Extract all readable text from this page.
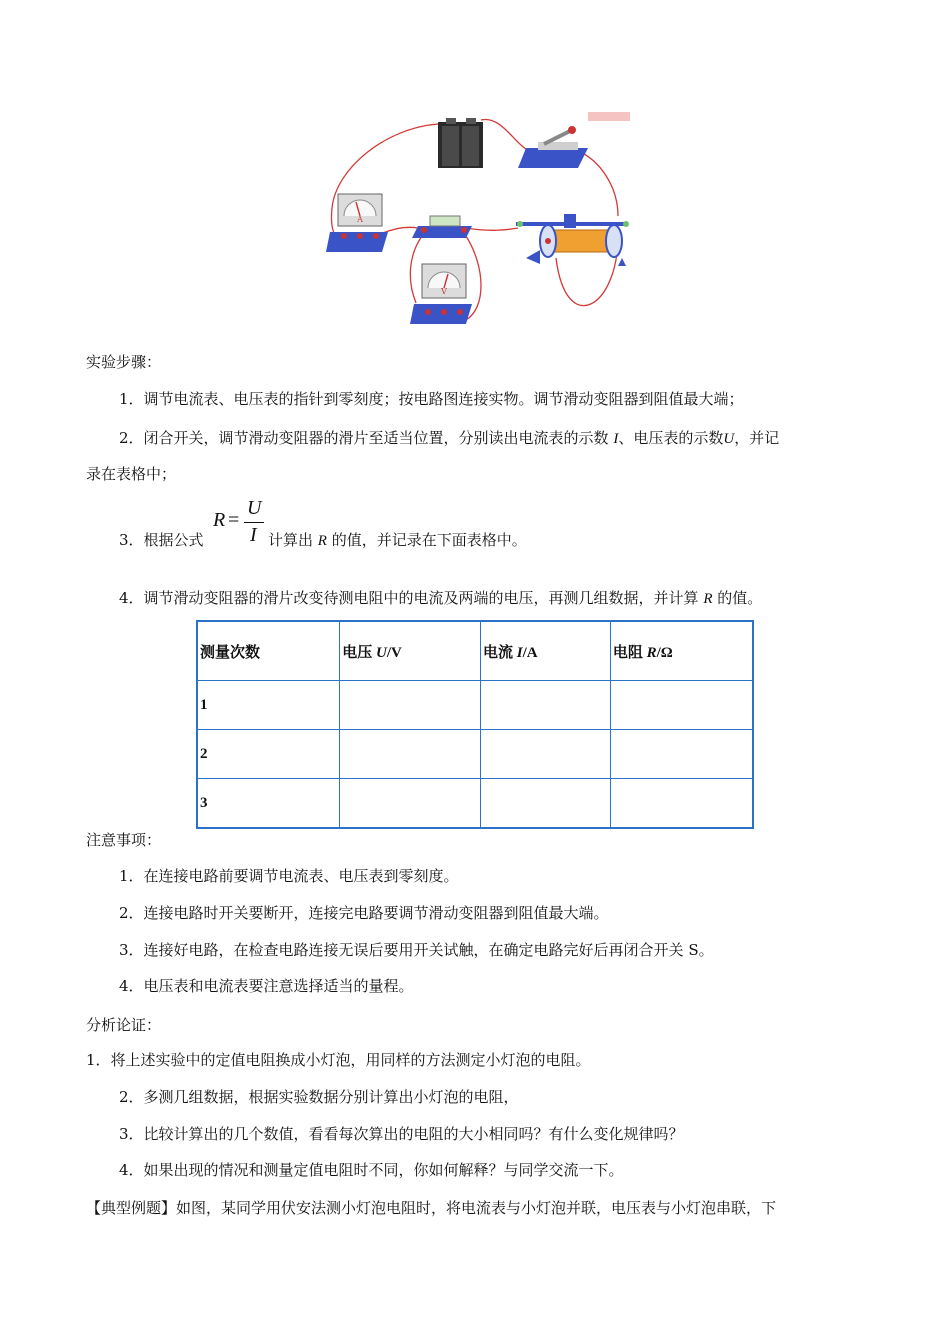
A
V
实验步骤：
1．调节电流表、电压表的指针到零刻度；按电路图连接实物。调节滑动变阻器到阻值最大端；
2．闭合开关，调节滑动变阻器的滑片至适当位置，分别读出电流表的示数 I、电压表的示数U，并记
录在表格中；
R =
U
I
3．根据公式	计算出 R 的值，并记录在下面表格中。
4．调节滑动变阻器的滑片改变待测电阻中的电流及两端的电压，再测几组数据，并计算 R 的值。
测量次数	电压 U/V	电流 I/A	电阻 R/Ω
1			
2			
3			
注意事项：
1．在连接电路前要调节电流表、电压表到零刻度。
2．连接电路时开关要断开，连接完电路要调节滑动变阻器到阻值最大端。
3．连接好电路，在检查电路连接无误后要用开关试触，在确定电路完好后再闭合开关 S。
4．电压表和电流表要注意选择适当的量程。
分析论证：
1．将上述实验中的定值电阻换成小灯泡，用同样的方法测定小灯泡的电阻。
2．多测几组数据，根据实验数据分别计算出小灯泡的电阻，
3．比较计算出的几个数值，看看每次算出的电阻的大小相同吗？有什么变化规律吗？
4．如果出现的情况和测量定值电阻时不同，你如何解释？与同学交流一下。
【典型例题】如图，某同学用伏安法测小灯泡电阻时，将电流表与小灯泡并联，电压表与小灯泡串联，下
